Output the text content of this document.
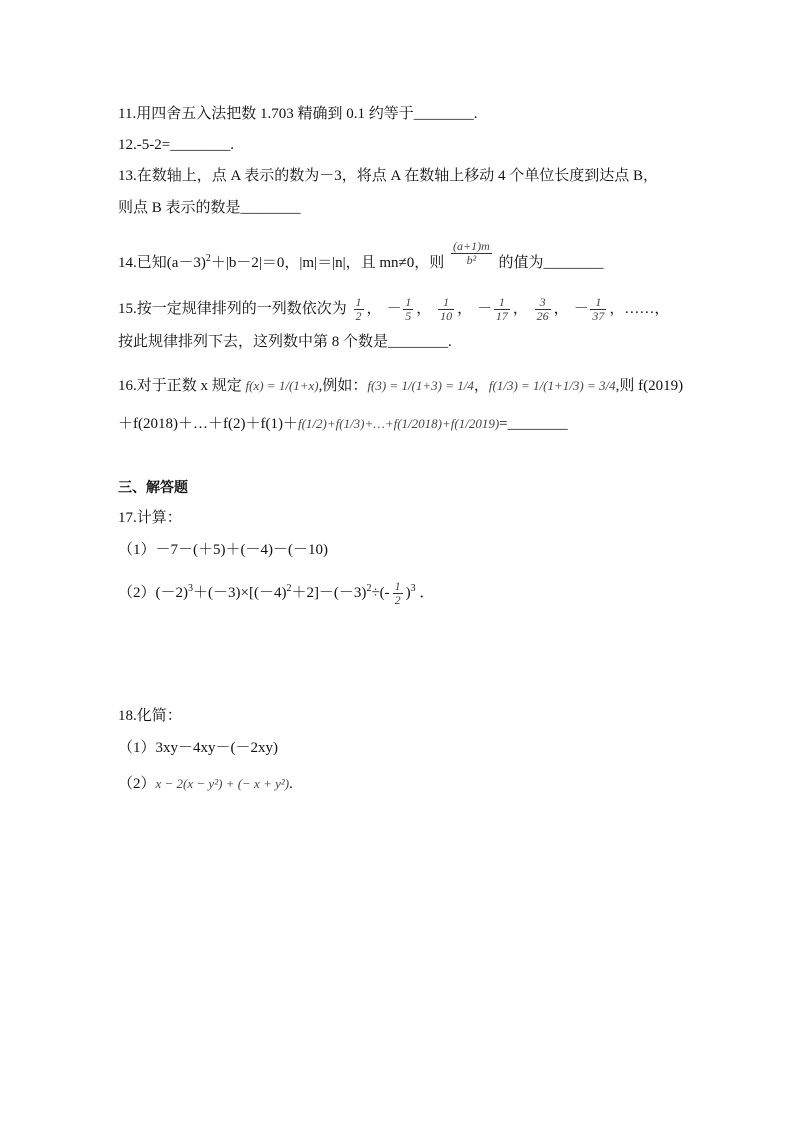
11.用四舍五入法把数 1.703 精确到 0.1 约等于________.
12.-5-2=________.
13.在数轴上，点 A 表示的数为－3，将点 A 在数轴上移动 4 个单位长度到达点 B，
则点 B 表示的数是________
14.已知$(a-3)^2+|b-2|=0$，|m|＝|n|，且 mn≠0，则 $\frac{(a+1)m}{\text{b²}}$ 的值为________
15.按一定规律排列的一列数依次为 $\frac{1}{2}$ ， － $\frac{1}{5}$ ， $\frac{1}{10}$ ， － $\frac{1}{17}$ ， $\frac{3}{26}$ ， － $\frac{1}{37}$ ，……，
按此规律排列下去，这列数中第 8 个数是________.
16.对于正数 x 规定 f(x) = 1/(1+x),例如：f(3) = 1/(1+3) = 1/4，f(1/3) = 1/(1+1/3) = 3/4,则 f(2019)
＋f(2018)＋…＋f(2)＋f(1)＋f(1/2)+f(1/3)+…+f(1/2018)+f(1/2019)=________
三、解答题
17.计算：
（1）－7－(＋5)＋(－4)－(－10)
$(2)(-2)^3+(-3)\times[(-4)^2+2]-(-3)^2\div(- \frac{1}{2} )^3$ ．
18.化简：
（1）3xy－4xy－(－2xy)
（2）x − 2(x − y²) + (− x + y²).
